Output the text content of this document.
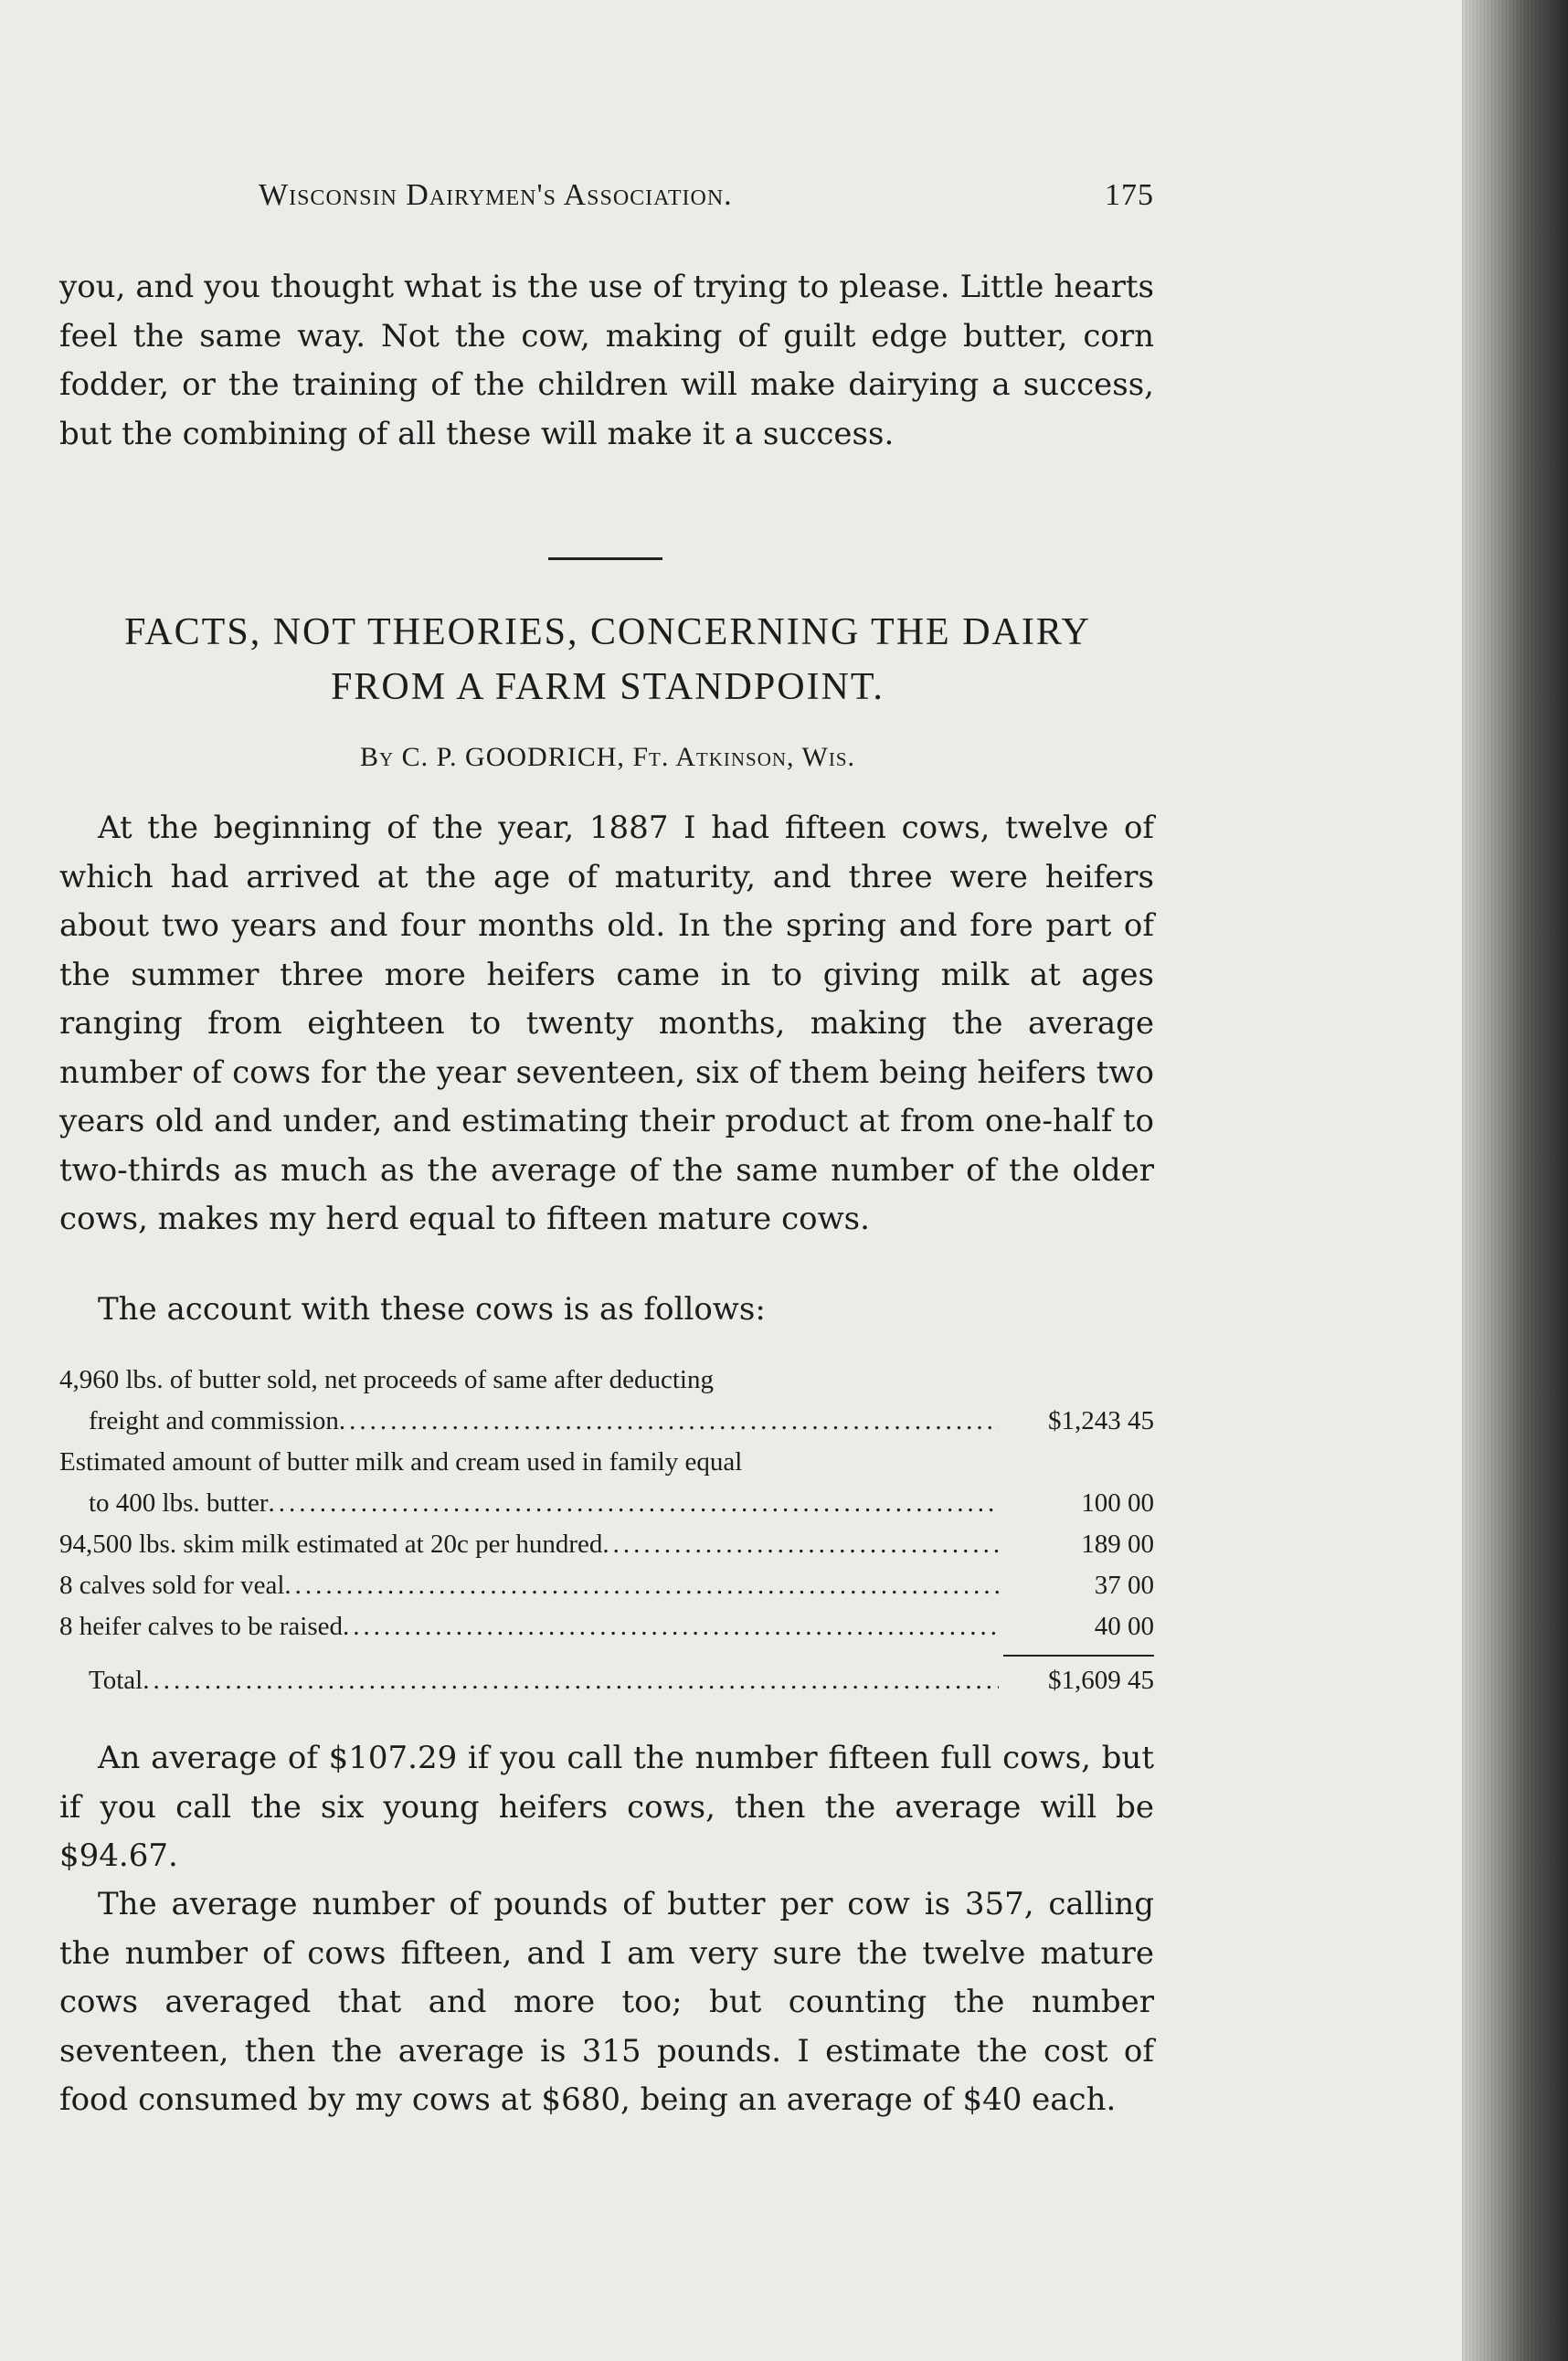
Wisconsin Dairymen's Association.	175
you, and you thought what is the use of trying to please. Little hearts feel the same way. Not the cow, making of guilt edge butter, corn fodder, or the training of the children will make dairying a success, but the combining of all these will make it a success.
FACTS, NOT THEORIES, CONCERNING THE DAIRY
FROM A FARM STANDPOINT.
By C. P. GOODRICH, Ft. Atkinson, Wis.
At the beginning of the year, 1887 I had fifteen cows, twelve of which had arrived at the age of maturity, and three were heifers about two years and four months old. In the spring and fore part of the summer three more heifers came in to giving milk at ages ranging from eighteen to twenty months, making the average number of cows for the year seventeen, six of them being heifers two years old and under, and estimating their product at from one-half to two-thirds as much as the average of the same number of the older cows, makes my herd equal to fifteen mature cows.
The account with these cows is as follows:
4,960 lbs. of butter sold, net proceeds of same after deducting
freight and commission .....	$1,243 45
Estimated amount of butter milk and cream used in family equal
to 400 lbs. butter .....	100 00
94,500 lbs. skim milk estimated at 20c per hundred .....	189 00
8 calves sold for veal .....	37 00
8 heifer calves to be raised .....	40 00
Total .....	$1,609 45
An average of $107.29 if you call the number fifteen full cows, but if you call the six young heifers cows, then the average will be $94.67.
The average number of pounds of butter per cow is 357, calling the number of cows fifteen, and I am very sure the twelve mature cows averaged that and more too; but counting the number seventeen, then the average is 315 pounds. I estimate the cost of food consumed by my cows at $680, being an average of $40 each.
